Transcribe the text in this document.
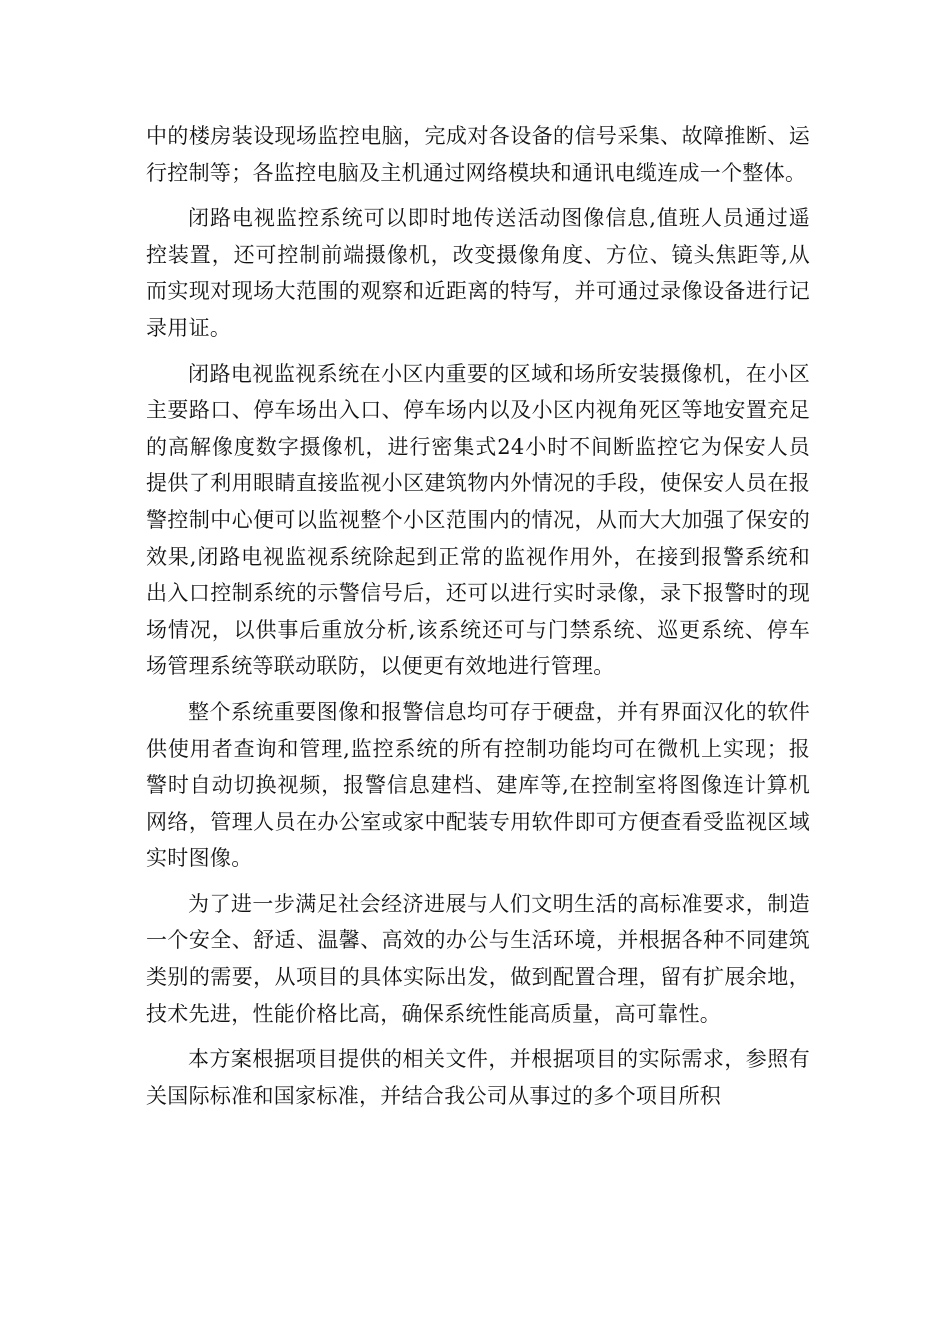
中的楼房装设现场监控电脑，完成对各设备的信号采集、故障推断、运行控制等；各监控电脑及主机通过网络模块和通讯电缆连成一个整体。

闭路电视监控系统可以即时地传送活动图像信息,值班人员通过遥控装置，还可控制前端摄像机，改变摄像角度、方位、镜头焦距等,从而实现对现场大范围的观察和近距离的特写，并可通过录像设备进行记录用证。

闭路电视监视系统在小区内重要的区域和场所安装摄像机，在小区主要路口、停车场出入口、停车场内以及小区内视角死区等地安置充足的高解像度数字摄像机，进行密集式24小时不间断监控它为保安人员提供了利用眼睛直接监视小区建筑物内外情况的手段，使保安人员在报警控制中心便可以监视整个小区范围内的情况，从而大大加强了保安的效果,闭路电视监视系统除起到正常的监视作用外，在接到报警系统和出入口控制系统的示警信号后，还可以进行实时录像，录下报警时的现场情况，以供事后重放分析,该系统还可与门禁系统、巡更系统、停车场管理系统等联动联防，以便更有效地进行管理。

整个系统重要图像和报警信息均可存于硬盘，并有界面汉化的软件供使用者查询和管理,监控系统的所有控制功能均可在微机上实现；报警时自动切换视频，报警信息建档、建库等,在控制室将图像连计算机网络，管理人员在办公室或家中配装专用软件即可方便查看受监视区域实时图像。

为了进一步满足社会经济进展与人们文明生活的高标准要求，制造一个安全、舒适、温馨、高效的办公与生活环境，并根据各种不同建筑类别的需要，从项目的具体实际出发，做到配置合理，留有扩展余地，技术先进，性能价格比高，确保系统性能高质量，高可靠性。

本方案根据项目提供的相关文件，并根据项目的实际需求，参照有关国际标准和国家标准，并结合我公司从事过的多个项目所积
